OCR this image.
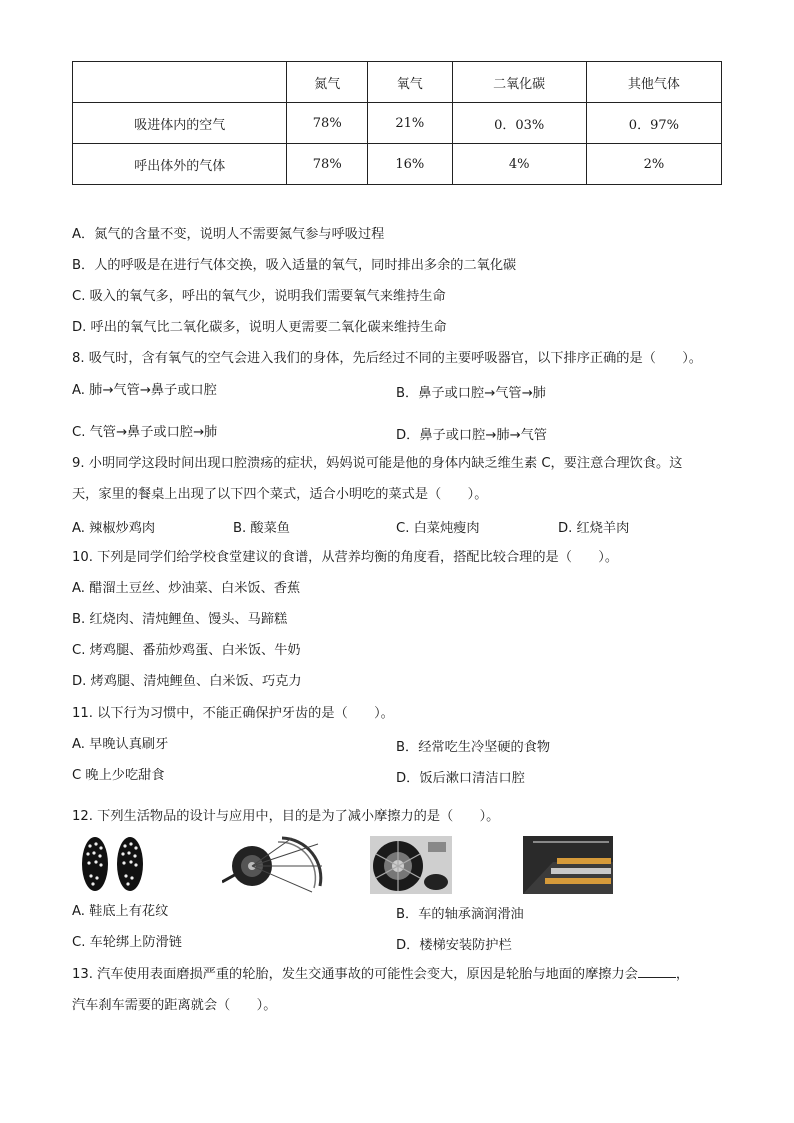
	氮气	氧气	二氧化碳	其他气体
吸进体内的空气	78%	21%	0．03%	0．97%
呼出体外的气体	78%	16%	4%	2%
A．氮气的含量不变，说明人不需要氮气参与呼吸过程
B．人的呼吸是在进行气体交换，吸入适量的氧气，同时排出多余的二氧化碳
C. 吸入的氧气多，呼出的氧气少，说明我们需要氧气来维持生命
D. 呼出的氧气比二氧化碳多，说明人更需要二氧化碳来维持生命
8. 吸气时，含有氧气的空气会进入我们的身体，先后经过不同的主要呼吸器官，以下排序正确的是（　　）。
A. 肺→气管→鼻子或口腔	B．鼻子或口腔→气管→肺
C. 气管→鼻子或口腔→肺	D．鼻子或口腔→肺→气管
9. 小明同学这段时间出现口腔溃疡的症状，妈妈说可能是他的身体内缺乏维生素 C，要注意合理饮食。这
天，家里的餐桌上出现了以下四个菜式，适合小明吃的菜式是（　　）。
A. 辣椒炒鸡肉	B. 酸菜鱼	C. 白菜炖瘦肉	D. 红烧羊肉
10. 下列是同学们给学校食堂建议的食谱，从营养均衡的角度看，搭配比较合理的是（　　）。
A. 醋溜土豆丝、炒油菜、白米饭、香蕉
B. 红烧肉、清炖鲤鱼、馒头、马蹄糕
C. 烤鸡腿、番茄炒鸡蛋、白米饭、牛奶
D. 烤鸡腿、清炖鲤鱼、白米饭、巧克力
11. 以下行为习惯中，不能正确保护牙齿的是（　　）。
A. 早晚认真刷牙	B．经常吃生冷坚硬的食物
C 晚上少吃甜食	D．饭后漱口清洁口腔
12. 下列生活物品的设计与应用中，目的是为了减小摩擦力的是（　　）。
A. 鞋底上有花纹	B．车的轴承滴润滑油
C. 车轮绑上防滑链	D．楼梯安装防护栏
13. 汽车使用表面磨损严重的轮胎，发生交通事故的可能性会变大，原因是轮胎与地面的摩擦力会	，
汽车刹车需要的距离就会（　　）。
